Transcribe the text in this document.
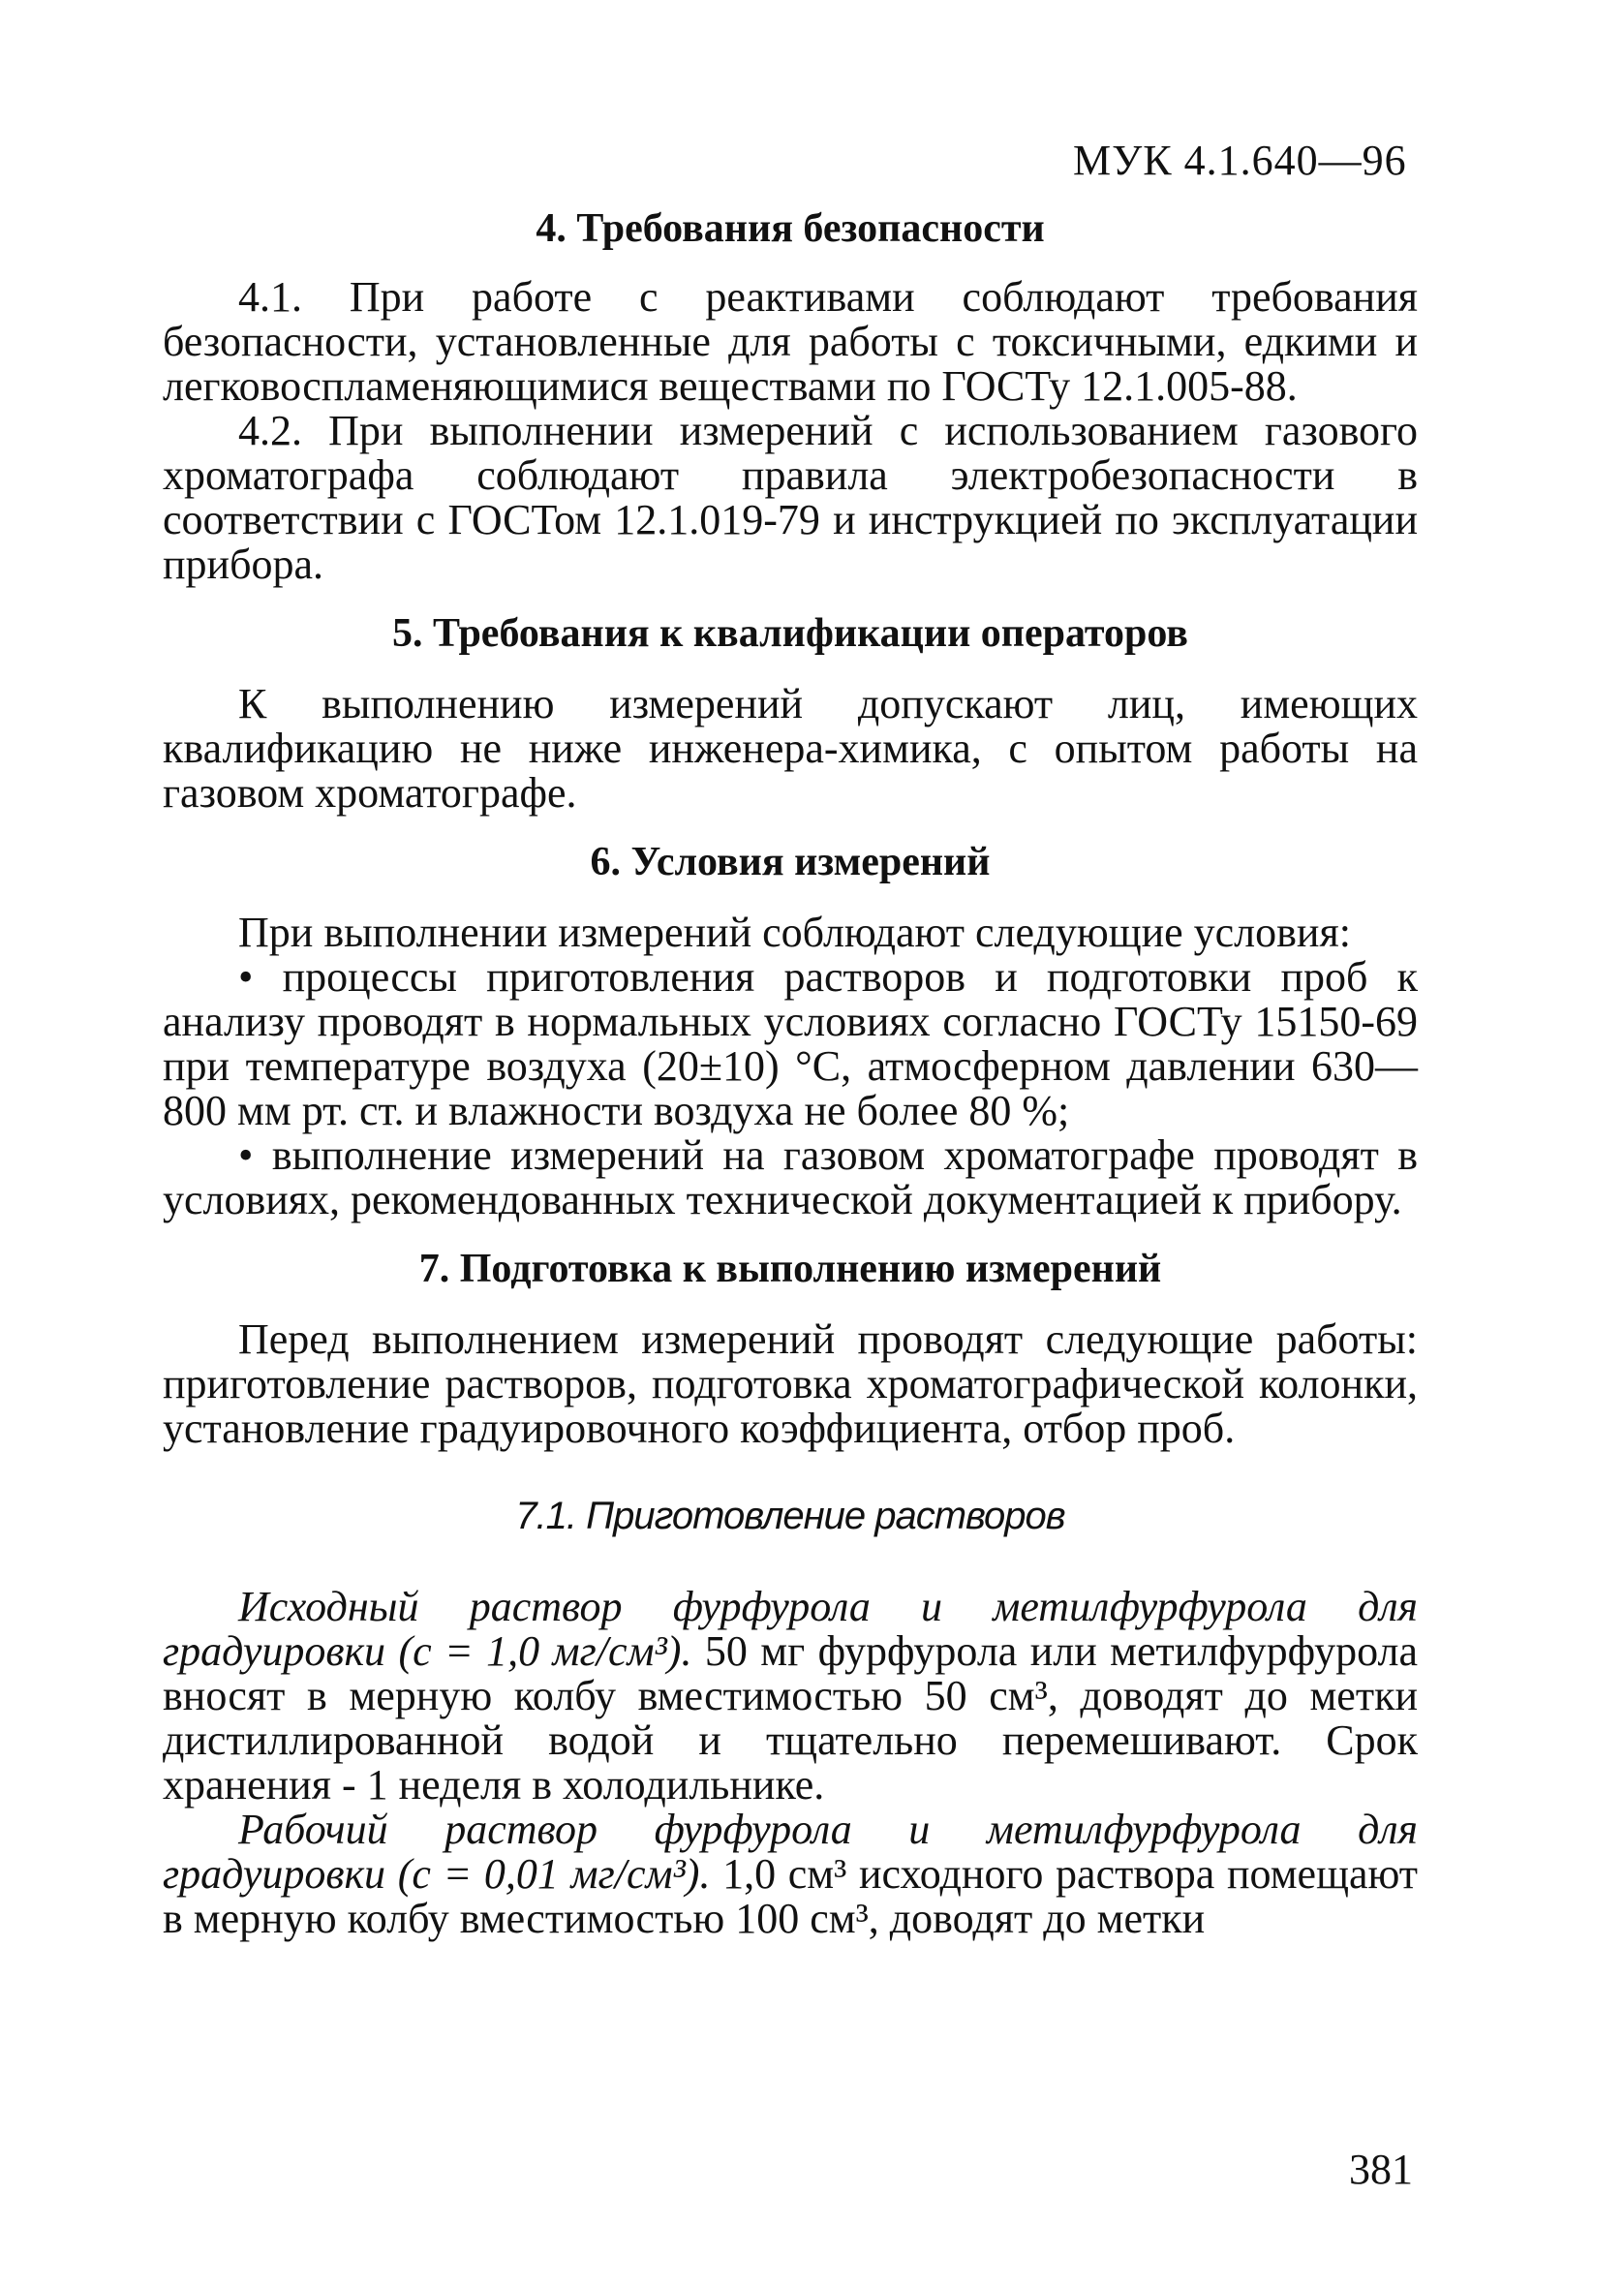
МУК 4.1.640—96
4. Требования безопасности

4.1. При работе с реактивами соблюдают требования безопасности, установленные для работы с токсичными, едкими и легковоспламеняющимися веществами по ГОСТу 12.1.005-88.

4.2. При выполнении измерений с использованием газового хроматографа соблюдают правила электробезопасности в соответствии с ГОСТом 12.1.019-79 и инструкцией по эксплуатации прибора.

5. Требования к квалификации операторов

К выполнению измерений допускают лиц, имеющих квалификацию не ниже инженера-химика, с опытом работы на газовом хроматографе.

6. Условия измерений

При выполнении измерений соблюдают следующие условия:

• процессы приготовления растворов и подготовки проб к анализу проводят в нормальных условиях согласно ГОСТу 15150-69 при температуре воздуха (20±10) °С, атмосферном давлении 630—800 мм рт. ст. и влажности воздуха не более 80 %;

• выполнение измерений на газовом хроматографе проводят в условиях, рекомендованных технической документацией к прибору.

7. Подготовка к выполнению измерений

Перед выполнением измерений проводят следующие работы: приготовление растворов, подготовка хроматографической колонки, установление градуировочного коэффициента, отбор проб.

7.1. Приготовление растворов

Исходный раствор фурфурола и метилфурфурола для градуировки (с = 1,0 мг/см³). 50 мг фурфурола или метилфурфурола вносят в мерную колбу вместимостью 50 см³, доводят до метки дистиллированной водой и тщательно перемешивают. Срок хранения - 1 неделя в холодильнике.

Рабочий раствор фурфурола и метилфурфурола для градуировки (с = 0,01 мг/см³). 1,0 см³ исходного раствора помещают в мерную колбу вместимостью 100 см³, доводят до метки

381
